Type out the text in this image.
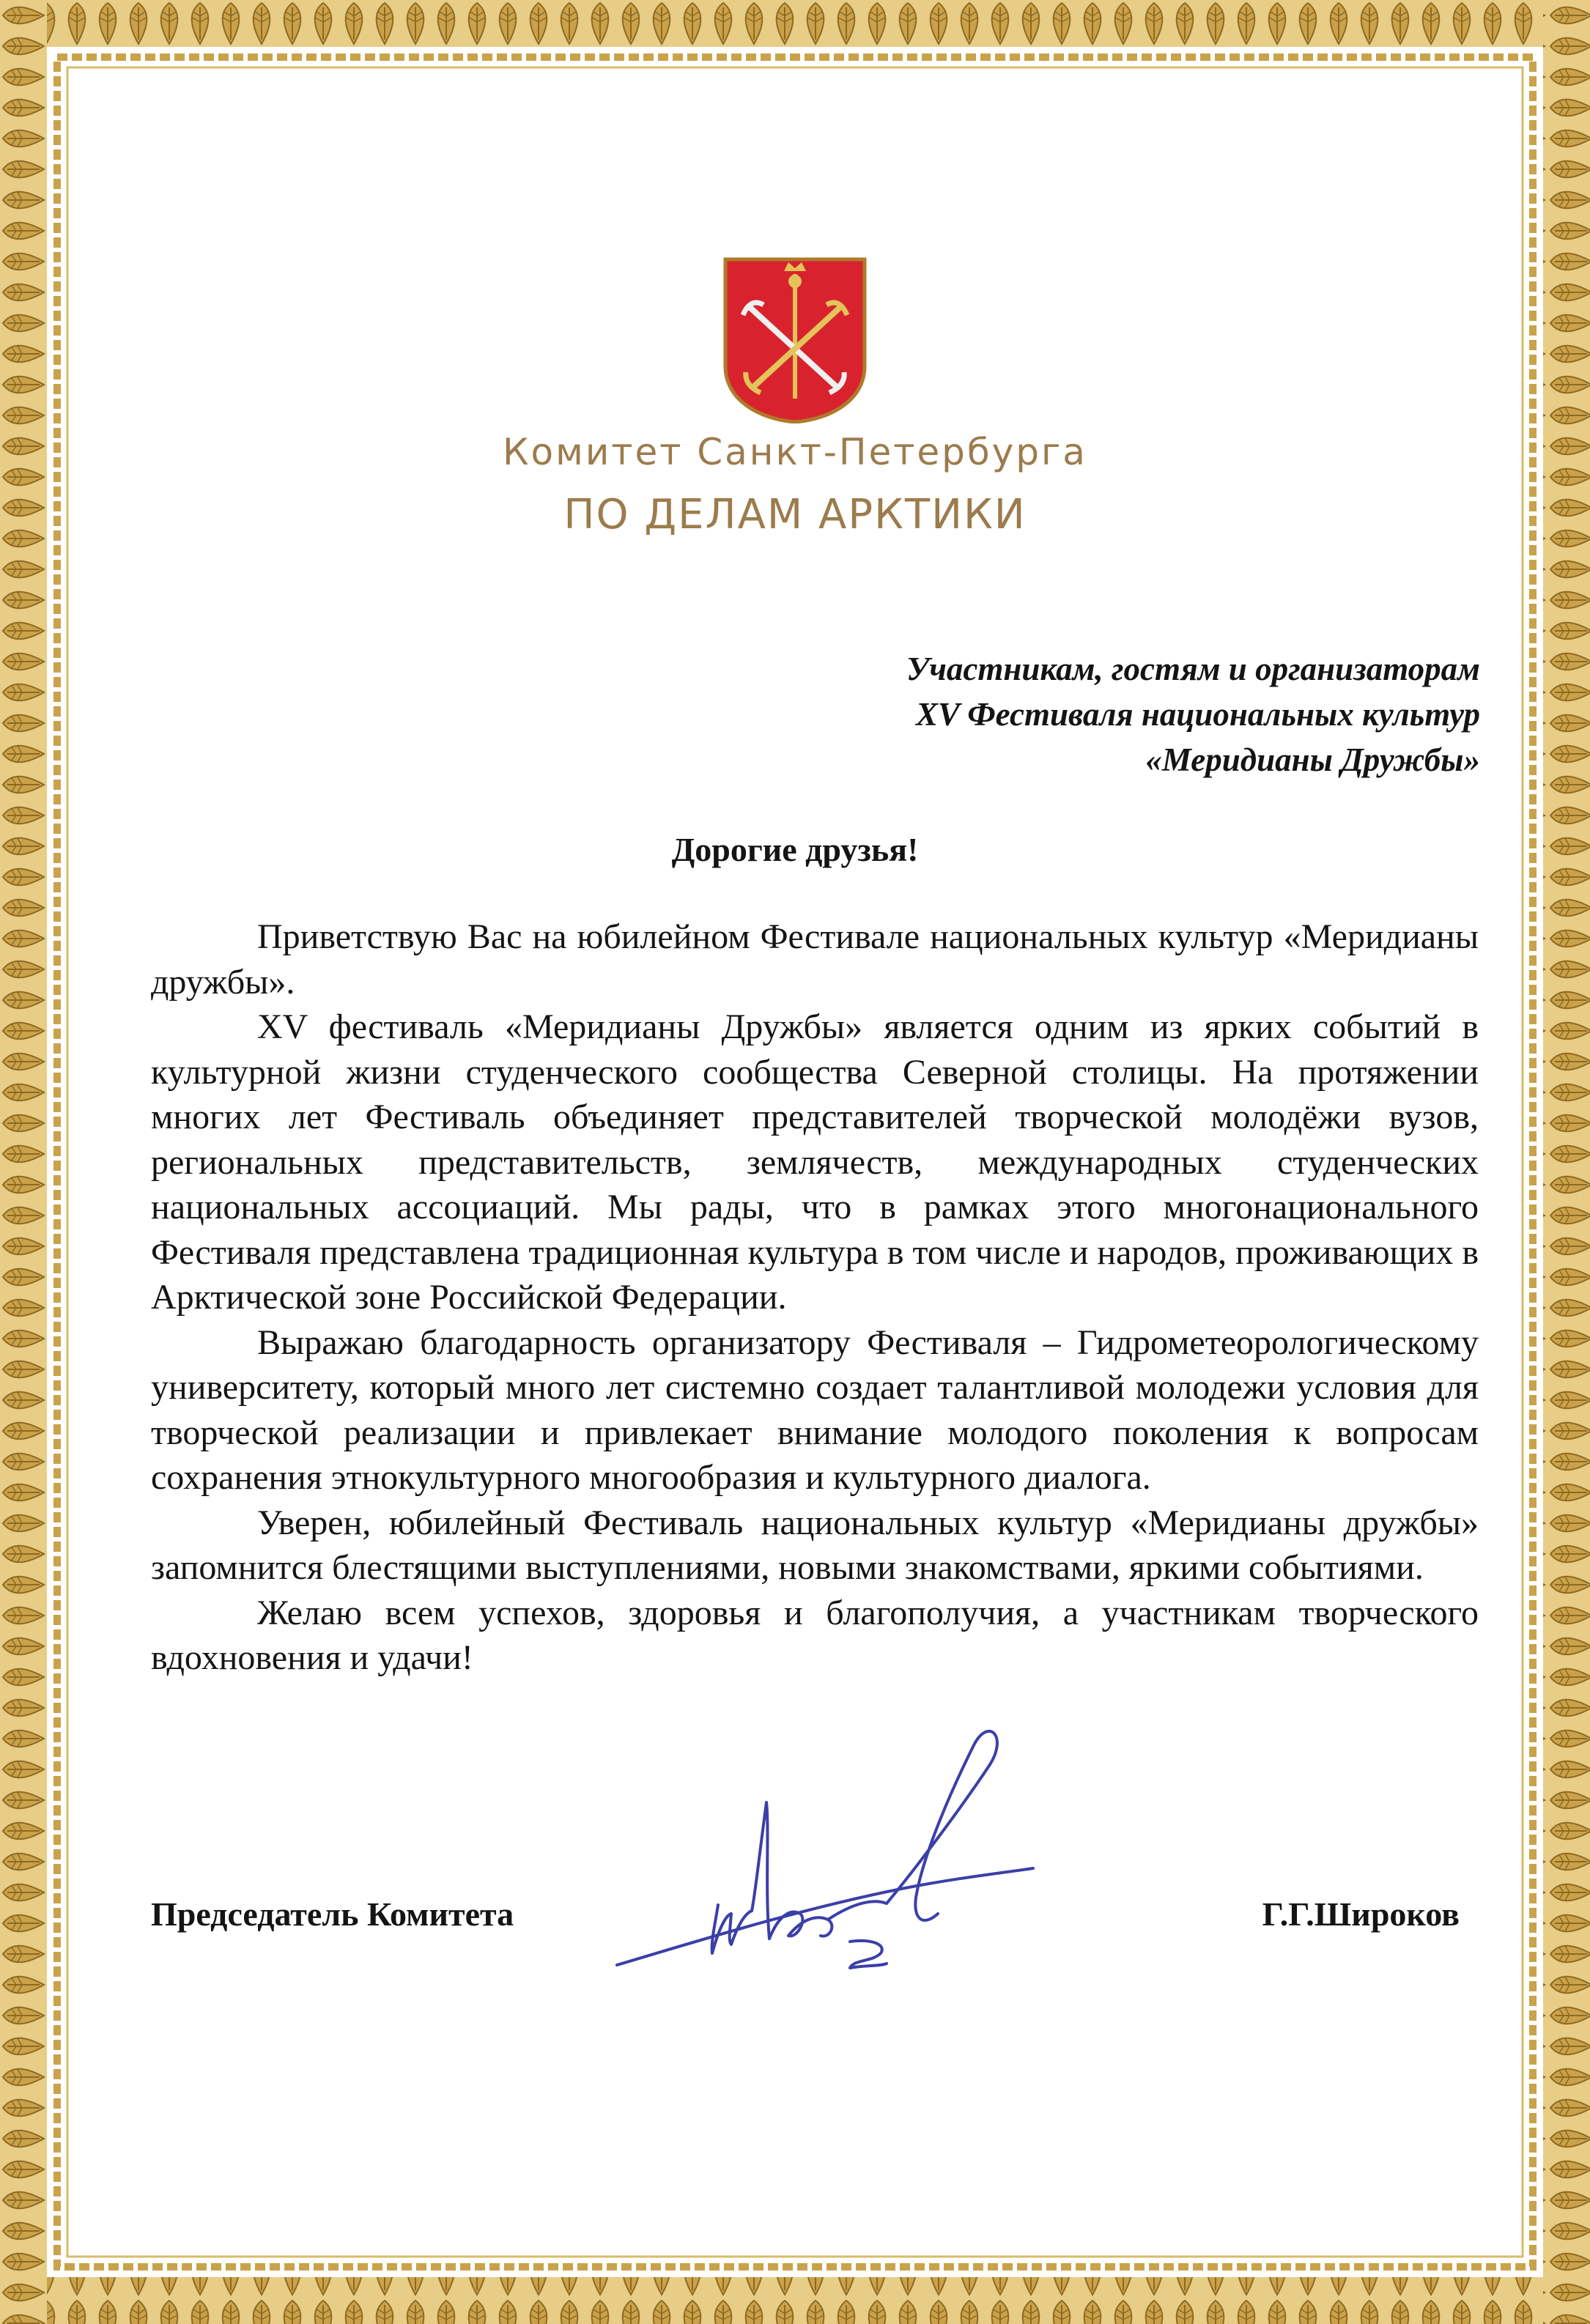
Комитет Санкт-Петербурга
ПО ДЕЛАМ АРКТИКИ
Участникам, гостям и организаторам
XV Фестиваля национальных культур
«Меридианы Дружбы»
Дорогие друзья!

Приветствую Вас на юбилейном Фестивале национальных культур «Меридианы дружбы».

XV фестиваль «Меридианы Дружбы» является одним из ярких событий в культурной жизни студенческого сообщества Северной столицы. На протяжении многих лет Фестиваль объединяет представителей творческой молодёжи вузов, региональных представительств, землячеств, международных студенческих национальных ассоциаций. Мы рады, что в рамках этого многонационального Фестиваля представлена традиционная культура в том числе и народов, проживающих в Арктической зоне Российской Федерации.

Выражаю благодарность организатору Фестиваля – Гидрометеорологическому университету, который много лет системно создает талантливой молодежи условия для творческой реализации и привлекает внимание молодого поколения к вопросам сохранения этнокультурного многообразия и культурного диалога.

Уверен, юбилейный Фестиваль национальных культур «Меридианы дружбы» запомнится блестящими выступлениями, новыми знакомствами, яркими событиями.

Желаю всем успехов, здоровья и благополучия, а участникам творческого вдохновения и удачи!

Председатель Комитета	Г.Г.Широков
